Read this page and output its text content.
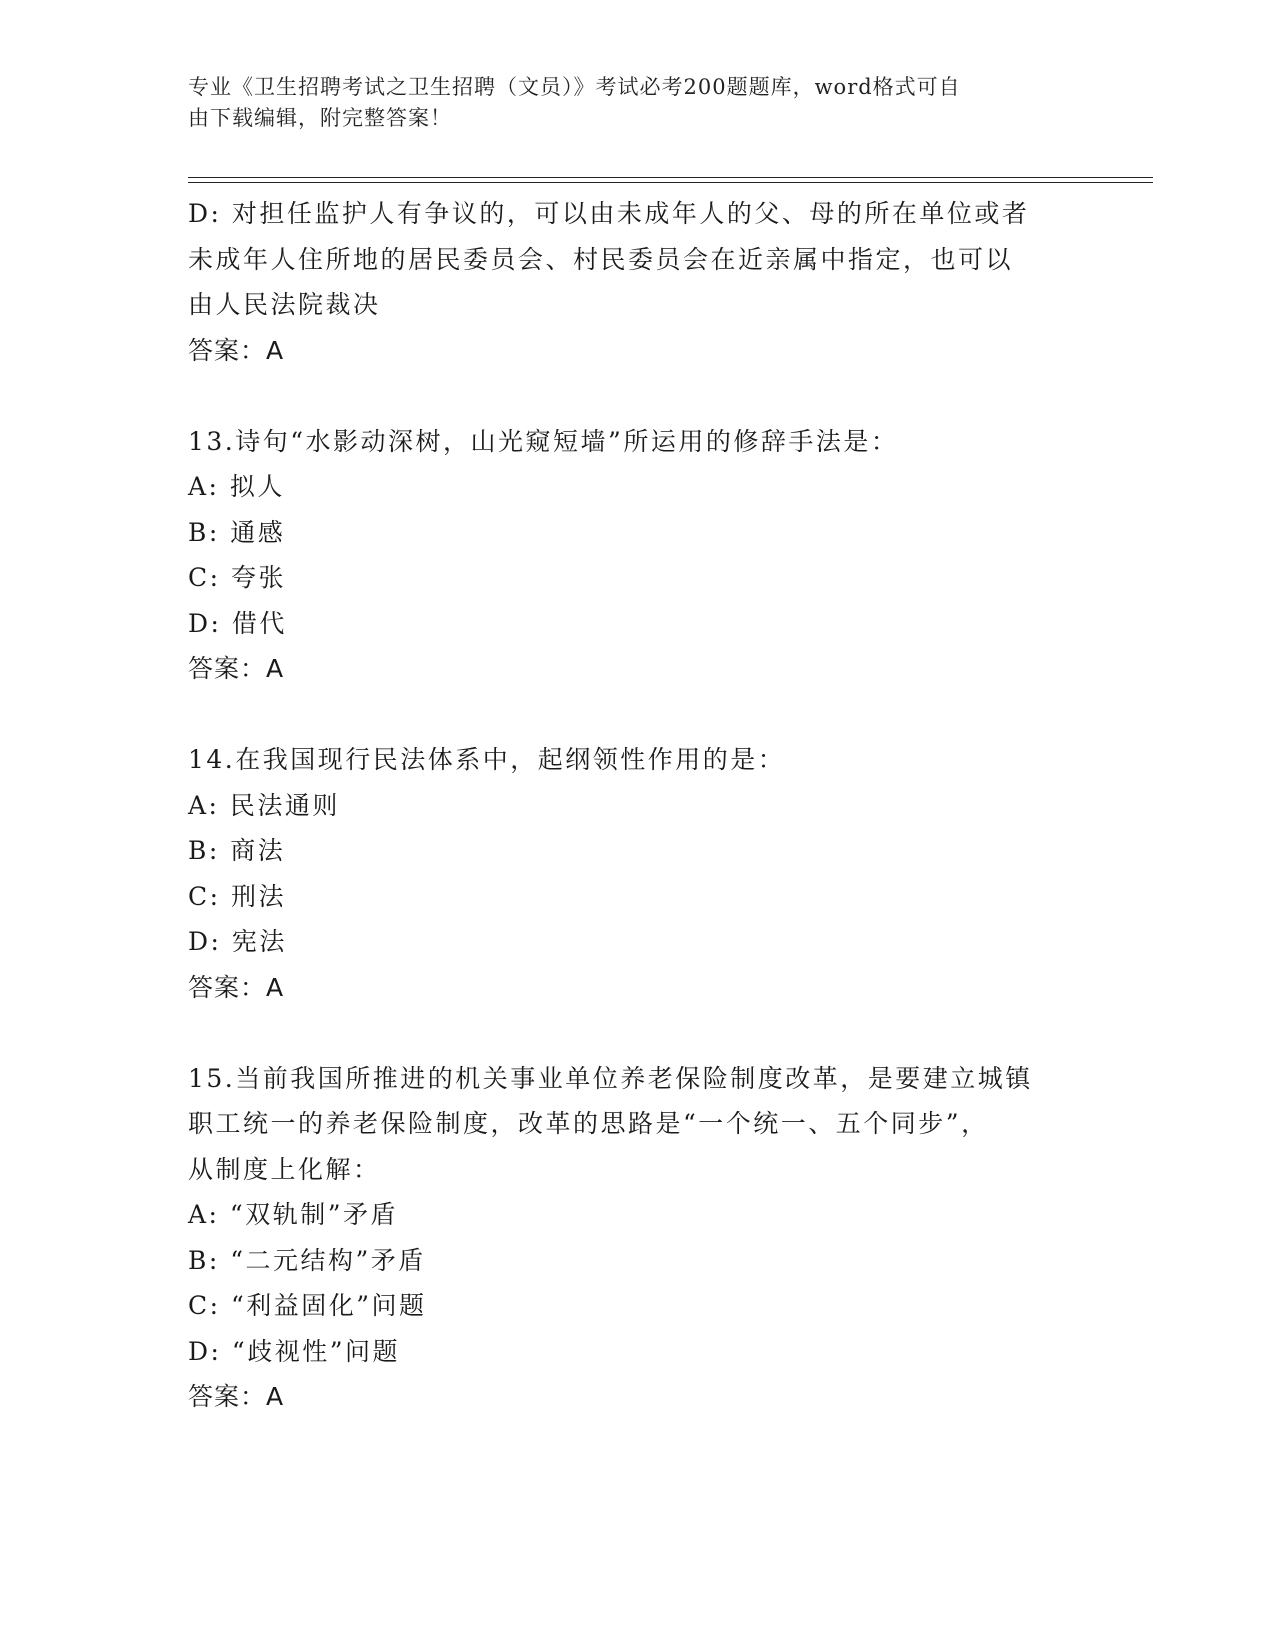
专业《卫生招聘考试之卫生招聘（文员）》考试必考200题题库，word格式可自
由下载编辑，附完整答案！
D: 对担任监护人有争议的，可以由未成年人的父、母的所在单位或者
未成年人住所地的居民委员会、村民委员会在近亲属中指定，也可以
由人民法院裁决
答案：A
13.诗句“水影动深树，山光窥短墙”所运用的修辞手法是：
A: 拟人
B: 通感
C: 夸张
D: 借代
答案：A
14.在我国现行民法体系中，起纲领性作用的是：
A: 民法通则
B: 商法
C: 刑法
D: 宪法
答案：A
15.当前我国所推进的机关事业单位养老保险制度改革，是要建立城镇
职工统一的养老保险制度，改革的思路是“一个统一、五个同步”，
从制度上化解：
A: “双轨制”矛盾
B: “二元结构”矛盾
C: “利益固化”问题
D: “歧视性”问题
答案：A
